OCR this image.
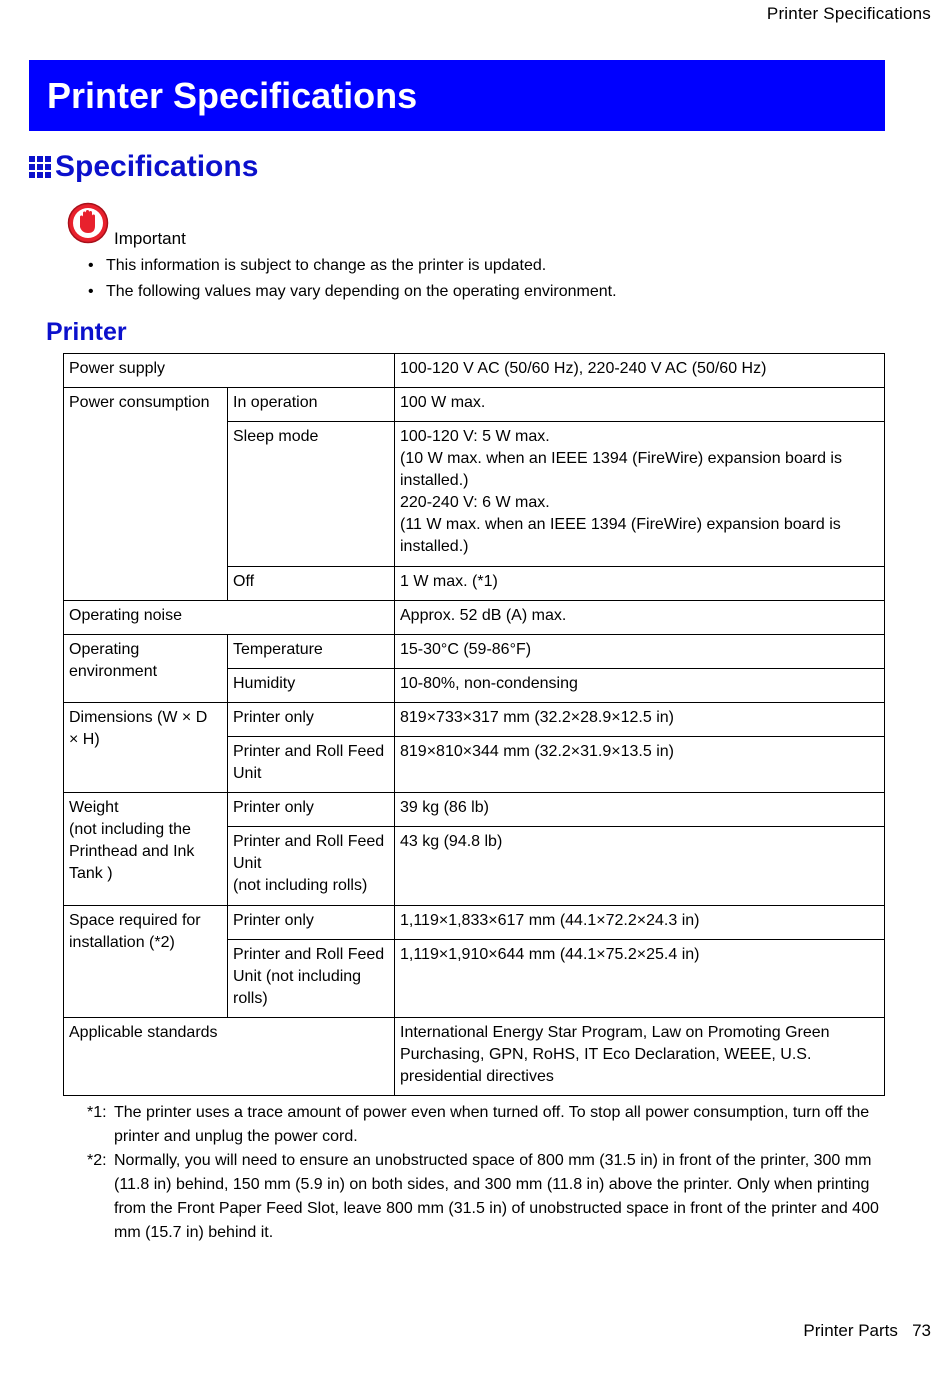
Printer Specifications
Printer Specifications
Specifications
Important
• This information is subject to change as the printer is updated.
• The following values may vary depending on the operating environment.
Printer
Power supply		100-120 V AC (50/60 Hz), 220-240 V AC (50/60 Hz)
Power consumption	In operation	100 W max.
	Sleep mode	100-120 V: 5 W max.
(10 W max. when an IEEE 1394 (FireWire) expansion board is installed.)
220-240 V: 6 W max.
(11 W max. when an IEEE 1394 (FireWire) expansion board is installed.)

	Off	1 W max. (*1)
Operating noise		Approx. 52 dB (A) max.
Operating environment	Temperature	15-30°C (59-86°F)
	Humidity	10-80%, non-condensing
Dimensions (W × D × H)	Printer only	819×733×317 mm (32.2×28.9×12.5 in)
	Printer and Roll Feed Unit	819×810×344 mm (32.2×31.9×13.5 in)

Weight
(not including the Printhead and Ink Tank )	Printer only	39 kg (86 lb)

	Printer and Roll Feed Unit
(not including rolls)	43 kg (94.8 lb)
Space required for installation (*2)	Printer only	1,119×1,833×617 mm (44.1×72.2×24.3 in)
	Printer and Roll Feed Unit (not including rolls)	1,119×1,910×644 mm (44.1×75.2×25.4 in)
Applicable standards		International Energy Star Program, Law on Promoting Green Purchasing, GPN, RoHS, IT Eco Declaration, WEEE, U.S. presidential directives
*1: The printer uses a trace amount of power even when turned off. To stop all power consumption, turn off the printer and unplug the power cord.
*2: Normally, you will need to ensure an unobstructed space of 800 mm (31.5 in) in front of the printer, 300 mm (11.8 in) behind, 150 mm (5.9 in) on both sides, and 300 mm (11.8 in) above the printer. Only when printing from the Front Paper Feed Slot, leave 800 mm (31.5 in) of unobstructed space in front of the printer and 400 mm (15.7 in) behind it.
Printer Parts 73
